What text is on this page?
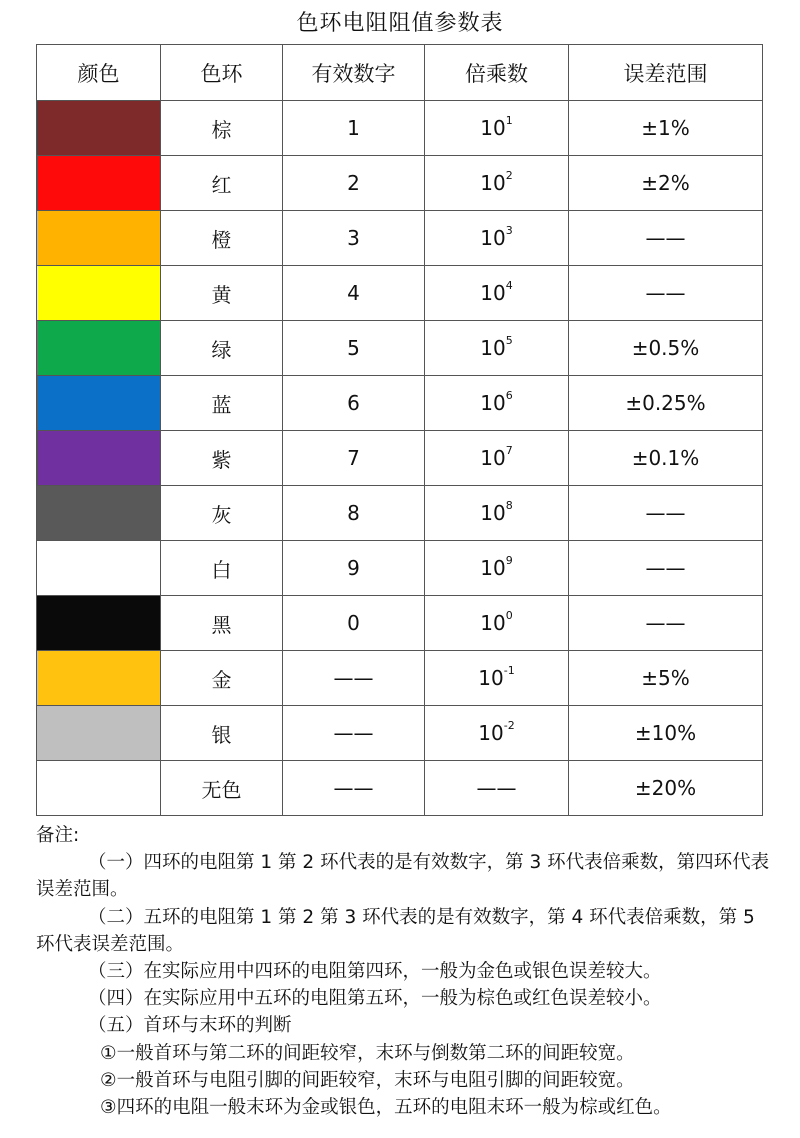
色环电阻阻值参数表
颜色	色环	有效数字	倍乘数	误差范围

	棕	1	$10^1$	±1%

	红	2	$10^2$	±2%

	橙	3	$10^3$	——

	黄	4	$10^4$	——

	绿	5	$10^5$	±0.5%

	蓝	6	$10^6$	±0.25%

	紫	7	$10^7$	±0.1%

	灰	8	$10^8$	——

	白	9	$10^9$	——

	黑	0	$10^0$	——

	金	——	$10^{-1}$	±5%

	银	——	$10^{-2}$	±10%

	无色	——	——	±20%

备注:

（一）四环的电阻第 1 第 2 环代表的是有效数字，第 3 环代表倍乘数，第四环代表误差范围。

（二）五环的电阻第 1 第 2 第 3 环代表的是有效数字，第 4 环代表倍乘数，第 5 环代表误差范围。

（三）在实际应用中四环的电阻第四环，一般为金色或银色误差较大。

（四）在实际应用中五环的电阻第五环，一般为棕色或红色误差较小。

（五）首环与末环的判断

①一般首环与第二环的间距较窄，末环与倒数第二环的间距较宽。

②一般首环与电阻引脚的间距较窄，末环与电阻引脚的间距较宽。

③四环的电阻一般末环为金或银色，五环的电阻末环一般为棕或红色。
